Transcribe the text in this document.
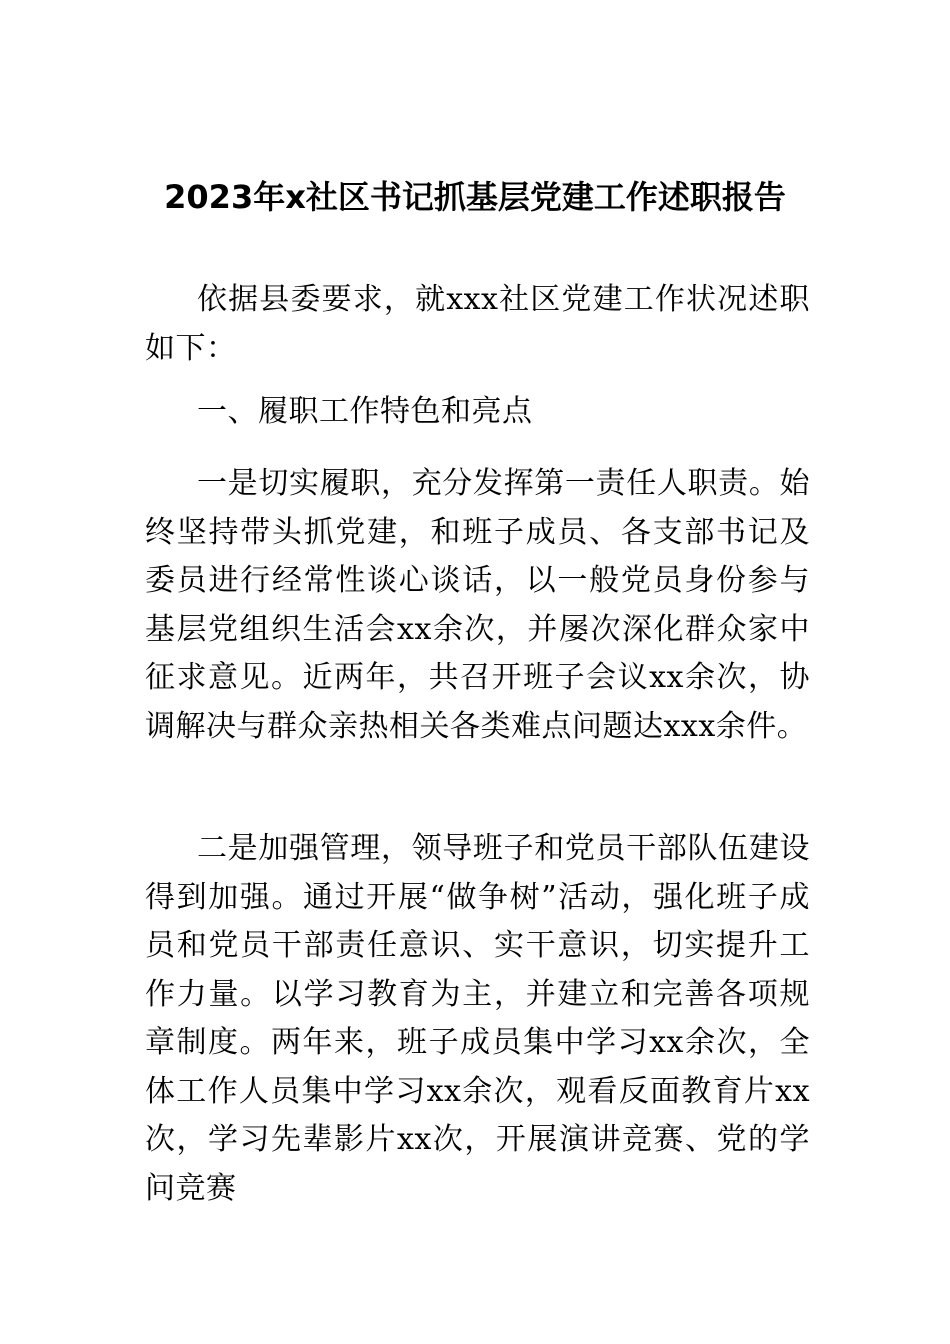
2023年x社区书记抓基层党建工作述职报告

依据县委要求，就xxx社区党建工作状况述职如下：

一、履职工作特色和亮点

一是切实履职，充分发挥第一责任人职责。始终坚持带头抓党建，和班子成员、各支部书记及委员进行经常性谈心谈话，以一般党员身份参与基层党组织生活会xx余次，并屡次深化群众家中征求意见。近两年，共召开班子会议xx余次，协调解决与群众亲热相关各类难点问题达xxx余件。

二是加强管理，领导班子和党员干部队伍建设得到加强。通过开展“做争树”活动，强化班子成员和党员干部责任意识、实干意识，切实提升工作力量。以学习教育为主，并建立和完善各项规章制度。两年来，班子成员集中学习xx余次，全体工作人员集中学习xx余次，观看反面教育片xx次，学习先辈影片xx次，开展演讲竞赛、党的学问竞赛
